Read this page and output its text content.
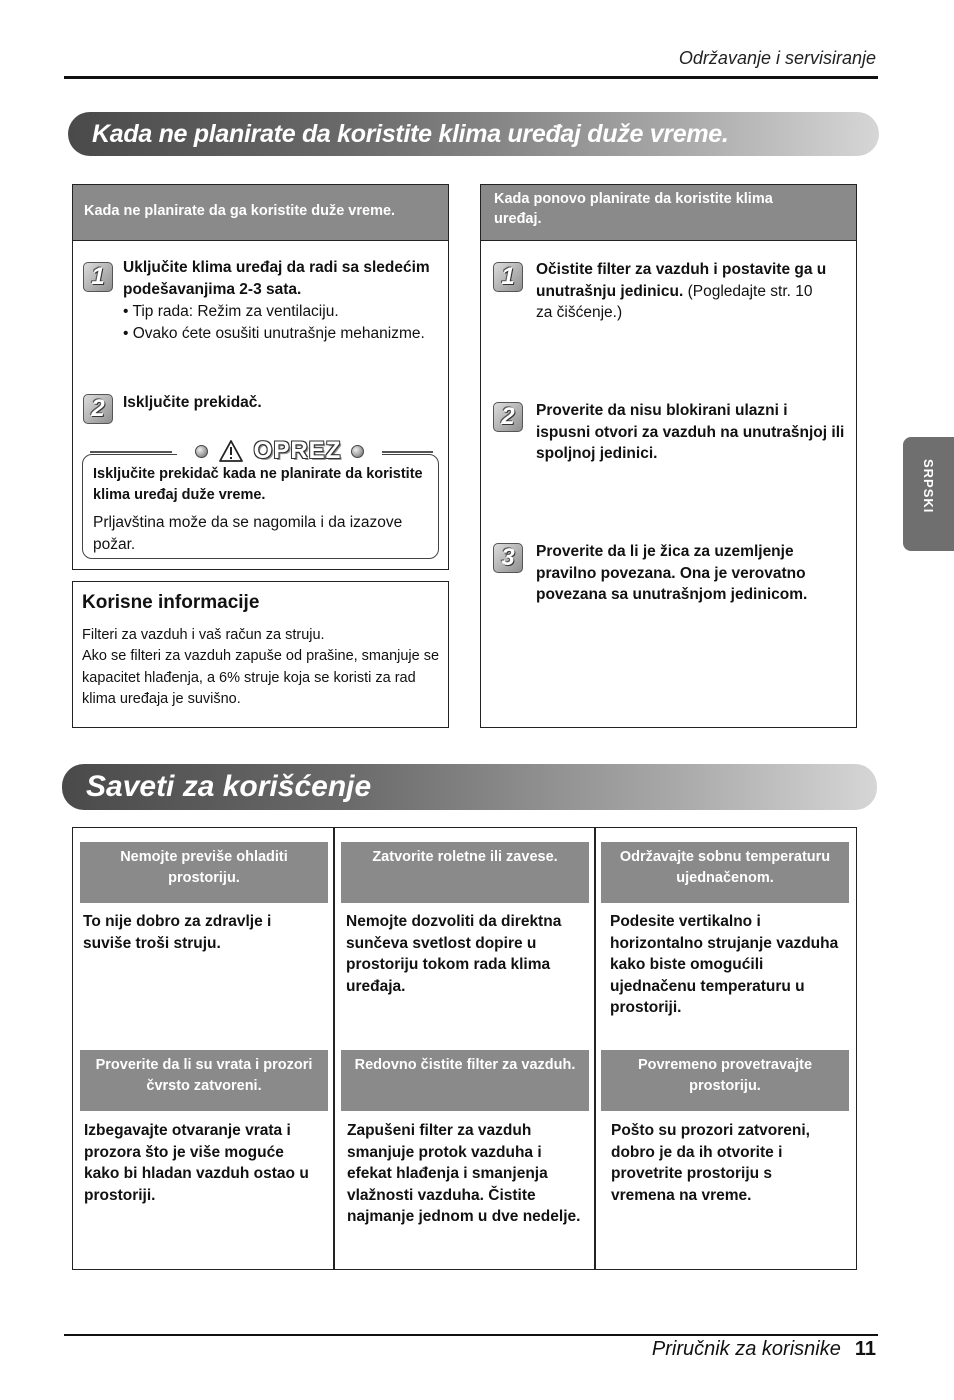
Održavanje i servisiranje
Kada ne planirate da koristite klima uređaj duže vreme.
Kada ne planirate da ga koristite duže vreme.
1	Uključite klima uređaj da radi sa sledećim podešavanjima 2-3 sata.
• Tip rada: Režim za ventilaciju.
• Ovako ćete osušiti unutrašnje mehanizme.
2	Isključite prekidač.
OPREZ
Isključite prekidač kada ne planirate da koristite klima uređaj duže vreme.
Prljavština može da se nagomila i da izazove požar.
Korisne informacije
Filteri za vazduh i vaš račun za struju.
Ako se filteri za vazduh zapuše od prašine, smanjuje se kapacitet hlađenja, a 6% struje koja se koristi za rad klima uređaja je suvišno.
Kada ponovo planirate da koristite klima uređaj.
1	Očistite filter za vazduh i postavite ga u unutrašnju jedinicu. (Pogledajte str. 10 za čišćenje.)
2	Proverite da nisu blokirani ulazni i ispusni otvori za vazduh na unutrašnjoj ili spoljnoj jedinici.
3	Proverite da li je žica za uzemljenje pravilno povezana. Ona je verovatno povezana sa unutrašnjom jedinicom.
Saveti za korišćenje
Nemojte previše ohladiti prostoriju.
Zatvorite roletne ili zavese.	Održavajte sobnu temperaturu ujednačenom.
To nije dobro za zdravlje i suviše troši struju.
Nemojte dozvoliti da direktna sunčeva svetlost dopire u prostoriju tokom rada klima uređaja.
Podesite vertikalno i horizontalno strujanje vazduha kako biste omogućili ujednačenu temperaturu u prostoriji.
Proverite da li su vrata i prozori čvrsto zatvoreni.
Redovno čistite filter za vazduh.	Povremeno provetravajte prostoriju.
Izbegavajte otvaranje vrata i prozora što je više moguće kako bi hladan vazduh ostao u prostoriji.
Zapušeni filter za vazduh smanjuje protok vazduha i efekat hlađenja i smanjenja vlažnosti vazduha. Čistite najmanje jednom u dve nedelje.
Pošto su prozori zatvoreni, dobro je da ih otvorite i provetrite prostoriju s vremena na vreme.
SRPSKI
Priručnik za korisnike 11
